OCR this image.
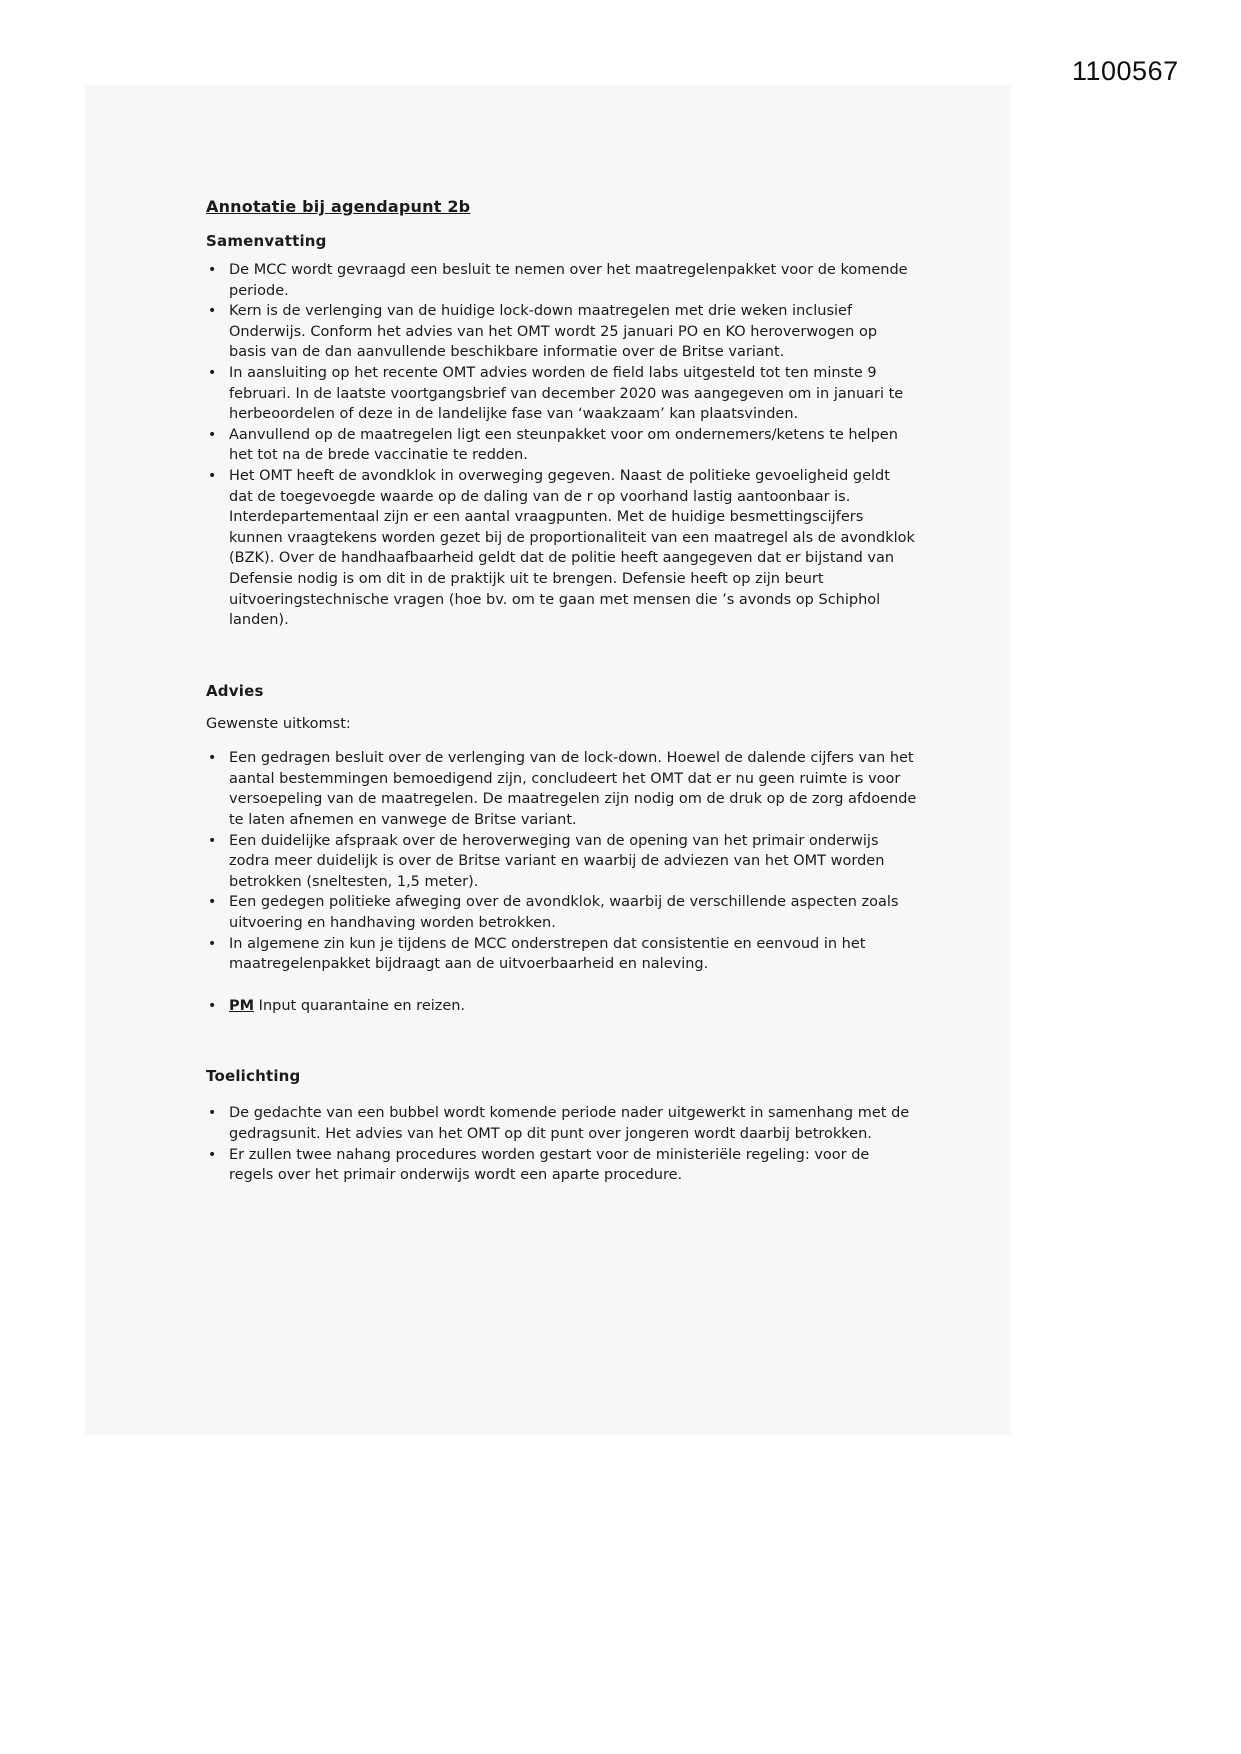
1100567
Annotatie bij agendapunt 2b
Samenvatting
• De MCC wordt gevraagd een besluit te nemen over het maatregelenpakket voor de komende periode.
• Kern is de verlenging van de huidige lock-down maatregelen met drie weken inclusief Onderwijs. Conform het advies van het OMT wordt 25 januari PO en KO heroverwogen op basis van de dan aanvullende beschikbare informatie over de Britse variant.
• In aansluiting op het recente OMT advies worden de field labs uitgesteld tot ten minste 9 februari. In de laatste voortgangsbrief van december 2020 was aangegeven om in januari te herbeoordelen of deze in de landelijke fase van ‘waakzaam’ kan plaatsvinden.
• Aanvullend op de maatregelen ligt een steunpakket voor om ondernemers/ketens te helpen het tot na de brede vaccinatie te redden.
• Het OMT heeft de avondklok in overweging gegeven. Naast de politieke gevoeligheid geldt dat de toegevoegde waarde op de daling van de r op voorhand lastig aantoonbaar is. Interdepartementaal zijn er een aantal vraagpunten. Met de huidige besmettingscijfers kunnen vraagtekens worden gezet bij de proportionaliteit van een maatregel als de avondklok (BZK). Over de handhaafbaarheid geldt dat de politie heeft aangegeven dat er bijstand van Defensie nodig is om dit in de praktijk uit te brengen. Defensie heeft op zijn beurt uitvoeringstechnische vragen (hoe bv. om te gaan met mensen die ’s avonds op Schiphol landen).
Advies

Gewenste uitkomst:

• Een gedragen besluit over de verlenging van de lock-down. Hoewel de dalende cijfers van het aantal bestemmingen bemoedigend zijn, concludeert het OMT dat er nu geen ruimte is voor versoepeling van de maatregelen. De maatregelen zijn nodig om de druk op de zorg afdoende te laten afnemen en vanwege de Britse variant.
• Een duidelijke afspraak over de heroverweging van de opening van het primair onderwijs zodra meer duidelijk is over de Britse variant en waarbij de adviezen van het OMT worden betrokken (sneltesten, 1,5 meter).
• Een gedegen politieke afweging over de avondklok, waarbij de verschillende aspecten zoals uitvoering en handhaving worden betrokken.
• In algemene zin kun je tijdens de MCC onderstrepen dat consistentie en eenvoud in het maatregelenpakket bijdraagt aan de uitvoerbaarheid en naleving.
• PM Input quarantaine en reizen.
Toelichting
• De gedachte van een bubbel wordt komende periode nader uitgewerkt in samenhang met de gedragsunit. Het advies van het OMT op dit punt over jongeren wordt daarbij betrokken.
• Er zullen twee nahang procedures worden gestart voor de ministeriële regeling: voor de regels over het primair onderwijs wordt een aparte procedure.
